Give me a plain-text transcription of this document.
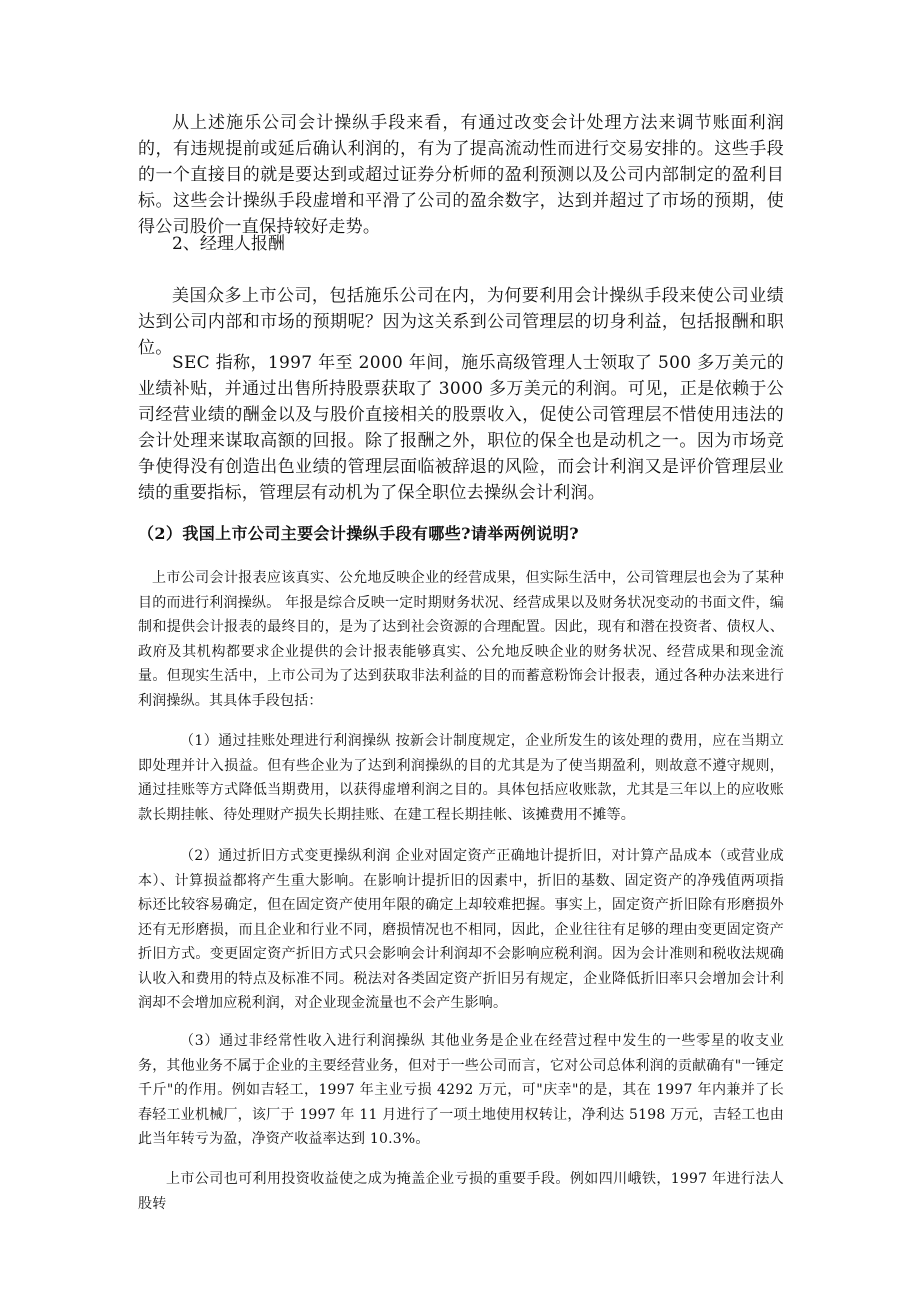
从上述施乐公司会计操纵手段来看，有通过改变会计处理方法来调节账面利润的，有违规提前或延后确认利润的，有为了提高流动性而进行交易安排的。这些手段的一个直接目的就是要达到或超过证券分析师的盈利预测以及公司内部制定的盈利目标。这些会计操纵手段虚增和平滑了公司的盈余数字，达到并超过了市场的预期，使得公司股价一直保持较好走势。

2、经理人报酬

美国众多上市公司，包括施乐公司在内，为何要利用会计操纵手段来使公司业绩达到公司内部和市场的预期呢？因为这关系到公司管理层的切身利益，包括报酬和职位。

SEC 指称，1997 年至 2000 年间，施乐高级管理人士领取了 500 多万美元的业绩补贴，并通过出售所持股票获取了 3000 多万美元的利润。可见，正是依赖于公司经营业绩的酬金以及与股价直接相关的股票收入，促使公司管理层不惜使用违法的会计处理来谋取高额的回报。除了报酬之外，职位的保全也是动机之一。因为市场竞争使得没有创造出色业绩的管理层面临被辞退的风险，而会计利润又是评价管理层业绩的重要指标，管理层有动机为了保全职位去操纵会计利润。

（2）我国上市公司主要会计操纵手段有哪些?请举两例说明?

上市公司会计报表应该真实、公允地反映企业的经营成果，但实际生活中，公司管理层也会为了某种目的而进行利润操纵。 年报是综合反映一定时期财务状况、经营成果以及财务状况变动的书面文件，编制和提供会计报表的最终目的，是为了达到社会资源的合理配置。因此，现有和潜在投资者、债权人、政府及其机构都要求企业提供的会计报表能够真实、公允地反映企业的财务状况、经营成果和现金流量。但现实生活中，上市公司为了达到获取非法利益的目的而蓄意粉饰会计报表，通过各种办法来进行利润操纵。其具体手段包括：

（1）通过挂账处理进行利润操纵 按新会计制度规定，企业所发生的该处理的费用，应在当期立即处理并计入损益。但有些企业为了达到利润操纵的目的尤其是为了使当期盈利，则故意不遵守规则，通过挂账等方式降低当期费用，以获得虚增利润之目的。具体包括应收账款，尤其是三年以上的应收账款长期挂帐、待处理财产损失长期挂账、在建工程长期挂帐、该摊费用不摊等。

（2）通过折旧方式变更操纵利润 企业对固定资产正确地计提折旧，对计算产品成本（或营业成本）、计算损益都将产生重大影响。在影响计提折旧的因素中，折旧的基数、固定资产的净残值两项指标还比较容易确定，但在固定资产使用年限的确定上却较难把握。事实上，固定资产折旧除有形磨损外还有无形磨损，而且企业和行业不同，磨损情况也不相同，因此，企业往往有足够的理由变更固定资产折旧方式。变更固定资产折旧方式只会影响会计利润却不会影响应税利润。因为会计准则和税收法规确认收入和费用的特点及标准不同。税法对各类固定资产折旧另有规定，企业降低折旧率只会增加会计利润却不会增加应税利润，对企业现金流量也不会产生影响。

（3）通过非经常性收入进行利润操纵 其他业务是企业在经营过程中发生的一些零星的收支业务，其他业务不属于企业的主要经营业务，但对于一些公司而言，它对公司总体利润的贡献确有"一锤定千斤"的作用。例如吉轻工，1997 年主业亏损 4292 万元，可"庆幸"的是，其在 1997 年内兼并了长春轻工业机械厂，该厂于 1997 年 11 月进行了一项土地使用权转让，净利达 5198 万元，吉轻工也由此当年转亏为盈，净资产收益率达到 10.3%。

上市公司也可利用投资收益使之成为掩盖企业亏损的重要手段。例如四川峨铁，1997 年进行法人股转
